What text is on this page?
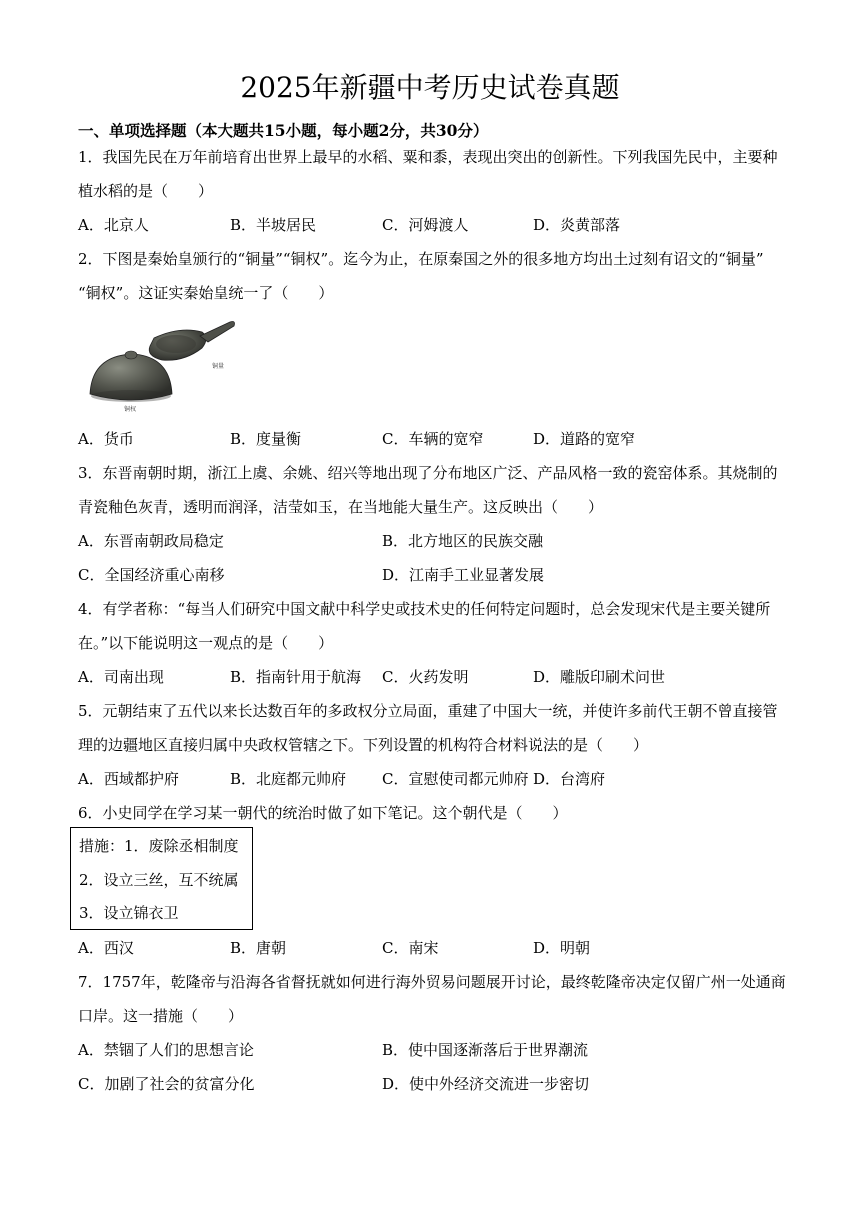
2025年新疆中考历史试卷真题
一、单项选择题（本大题共15小题，每小题2分，共30分）
1．我国先民在万年前培育出世界上最早的水稻、粟和黍，表现出突出的创新性。下列我国先民中，主要种
植水稻的是（　　）
A．北京人	B．半坡居民	C．河姆渡人	D．炎黄部落
2．下图是秦始皇颁行的“铜量”“铜权”。迄今为止，在原秦国之外的很多地方均出土过刻有诏文的“铜量”
“铜权”。这证实秦始皇统一了（　　）
铜量
铜权
A．货币	B．度量衡	C．车辆的宽窄	D．道路的宽窄
3．东晋南朝时期，浙江上虞、余姚、绍兴等地出现了分布地区广泛、产品风格一致的瓷窑体系。其烧制的
青瓷釉色灰青，透明而润泽，洁莹如玉，在当地能大量生产。这反映出（　　）
A．东晋南朝政局稳定	B．北方地区的民族交融
C．全国经济重心南移	D．江南手工业显著发展
4．有学者称：“每当人们研究中国文献中科学史或技术史的任何特定问题时，总会发现宋代是主要关键所
在。”以下能说明这一观点的是（　　）
A．司南出现	B．指南针用于航海 C．火药发明	D．雕版印刷术问世
5．元朝结束了五代以来长达数百年的多政权分立局面，重建了中国大一统，并使许多前代王朝不曾直接管
理的边疆地区直接归属中央政权管辖之下。下列设置的机构符合材料说法的是（　　）
A．西域都护府	B．北庭都元帅府 C．宣慰使司都元帅府 D．台湾府
6．小史同学在学习某一朝代的统治时做了如下笔记。这个朝代是（　　）
措施：1．废除丞相制度
2．设立三丝，互不统属
3．设立锦衣卫
A．西汉	B．唐朝	C．南宋	D．明朝
7．1757年，乾隆帝与沿海各省督抚就如何进行海外贸易问题展开讨论，最终乾隆帝决定仅留广州一处通商
口岸。这一措施（　　）
A．禁锢了人们的思想言论	B．使中国逐渐落后于世界潮流
C．加剧了社会的贫富分化	D．使中外经济交流进一步密切
